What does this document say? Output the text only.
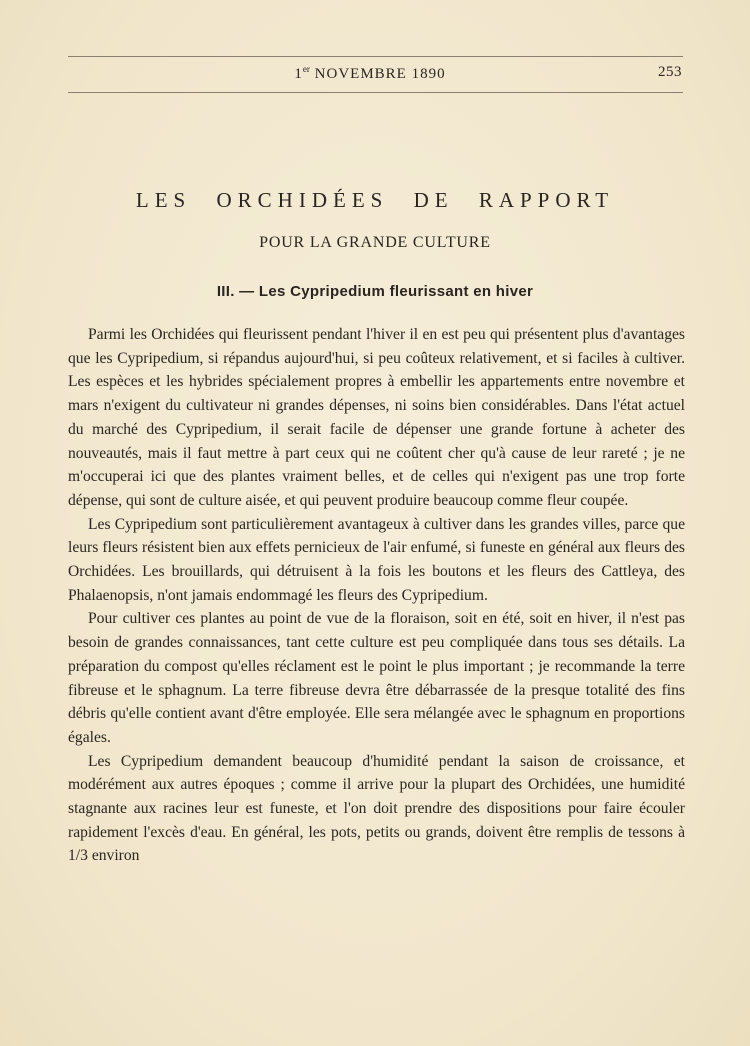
1er NOVEMBRE 1890	253
LES ORCHIDÉES DE RAPPORT
POUR LA GRANDE CULTURE
III. — Les Cypripedium fleurissant en hiver

Parmi les Orchidées qui fleurissent pendant l'hiver il en est peu qui présentent plus d'avantages que les Cypripedium, si répandus aujourd'hui, si peu coûteux relativement, et si faciles à cultiver. Les espèces et les hybrides spécialement propres à embellir les appartements entre novembre et mars n'exigent du cultivateur ni grandes dépenses, ni soins bien considérables. Dans l'état actuel du marché des Cypripedium, il serait facile de dépenser une grande fortune à acheter des nouveautés, mais il faut mettre à part ceux qui ne coûtent cher qu'à cause de leur rareté ; je ne m'occuperai ici que des plantes vraiment belles, et de celles qui n'exigent pas une trop forte dépense, qui sont de culture aisée, et qui peuvent produire beaucoup comme fleur coupée.

Les Cypripedium sont particulièrement avantageux à cultiver dans les grandes villes, parce que leurs fleurs résistent bien aux effets pernicieux de l'air enfumé, si funeste en général aux fleurs des Orchidées. Les brouillards, qui détruisent à la fois les boutons et les fleurs des Cattleya, des Phalaenopsis, n'ont jamais endommagé les fleurs des Cypripedium.

Pour cultiver ces plantes au point de vue de la floraison, soit en été, soit en hiver, il n'est pas besoin de grandes connaissances, tant cette culture est peu compliquée dans tous ses détails. La préparation du compost qu'elles réclament est le point le plus important ; je recommande la terre fibreuse et le sphagnum. La terre fibreuse devra être débarrassée de la presque totalité des fins débris qu'elle contient avant d'être employée. Elle sera mélangée avec le sphagnum en proportions égales.

Les Cypripedium demandent beaucoup d'humidité pendant la saison de croissance, et modérément aux autres époques ; comme il arrive pour la plupart des Orchidées, une humidité stagnante aux racines leur est funeste, et l'on doit prendre des dispositions pour faire écouler rapidement l'excès d'eau. En général, les pots, petits ou grands, doivent être remplis de tessons à 1/3 environ
